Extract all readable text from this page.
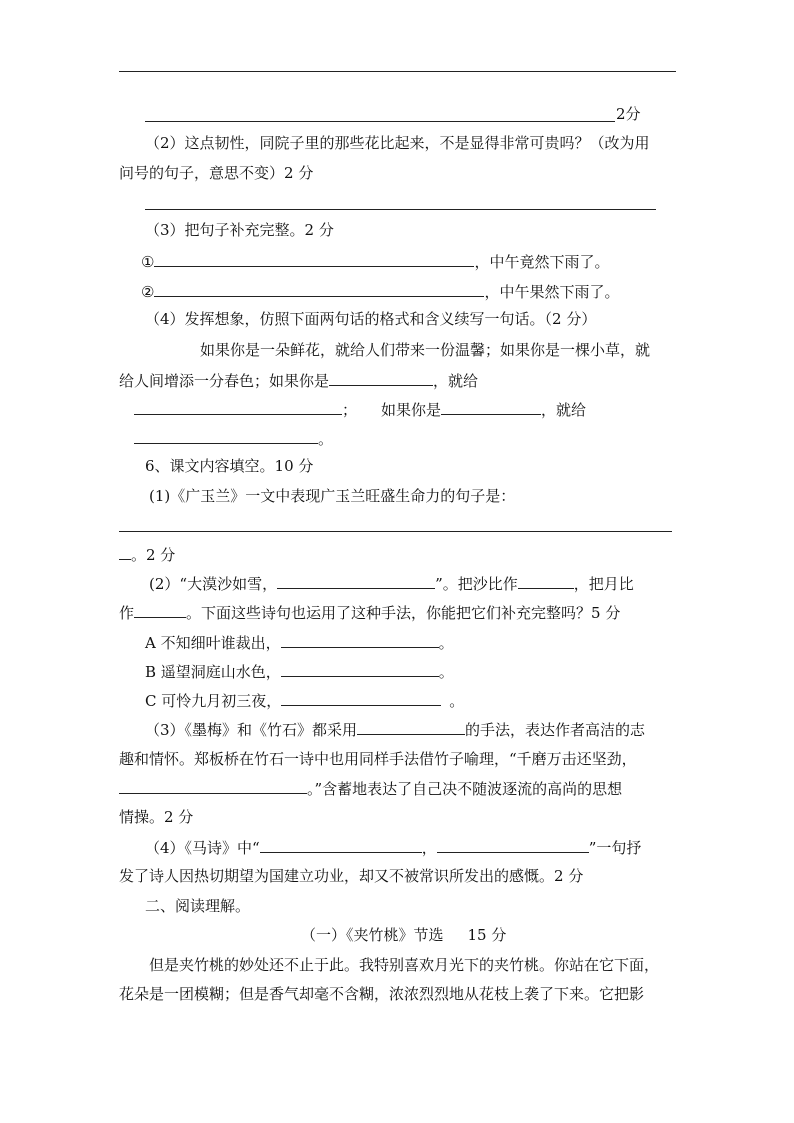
2分
（2）这点韧性，同院子里的那些花比起来，不是显得非常可贵吗？（改为用
问号的句子，意思不变）2 分
（3）把句子补充完整。2 分
①	，中午竟然下雨了。
②	，中午果然下雨了。
（4）发挥想象，仿照下面两句话的格式和含义续写一句话。（2 分）
如果你是一朵鲜花，就给人们带来一份温馨；如果你是一棵小草，就
给人间增添一分春色；如果你是	，就给
； 如果你是	，就给
。
6、课文内容填空。10 分
(1)《广玉兰》一文中表现广玉兰旺盛生命力的句子是：
。2 分
(2）“大漠沙如雪，	”。把沙比作	，把月比
作	。下面这些诗句也运用了这种手法，你能把它们补充完整吗？5 分
A 不知细叶谁裁出，	。
B 遥望洞庭山水色，	。
C 可怜九月初三夜，	。
（3）《墨梅》和《竹石》都采用	的手法，表达作者高洁的志
趣和情怀。郑板桥在竹石一诗中也用同样手法借竹子喻理，“千磨万击还坚劲，
。”含蓄地表达了自己决不随波逐流的高尚的思想
情操。2 分
（4）《马诗》中“	，	”一句抒
发了诗人因热切期望为国建立功业，却又不被常识所发出的感慨。2 分
二、阅读理解。
（一）《夹竹桃》节选 15 分
但是夹竹桃的妙处还不止于此。我特别喜欢月光下的夹竹桃。你站在它下面，
花朵是一团模糊；但是香气却毫不含糊，浓浓烈烈地从花枝上袭了下来。它把影
